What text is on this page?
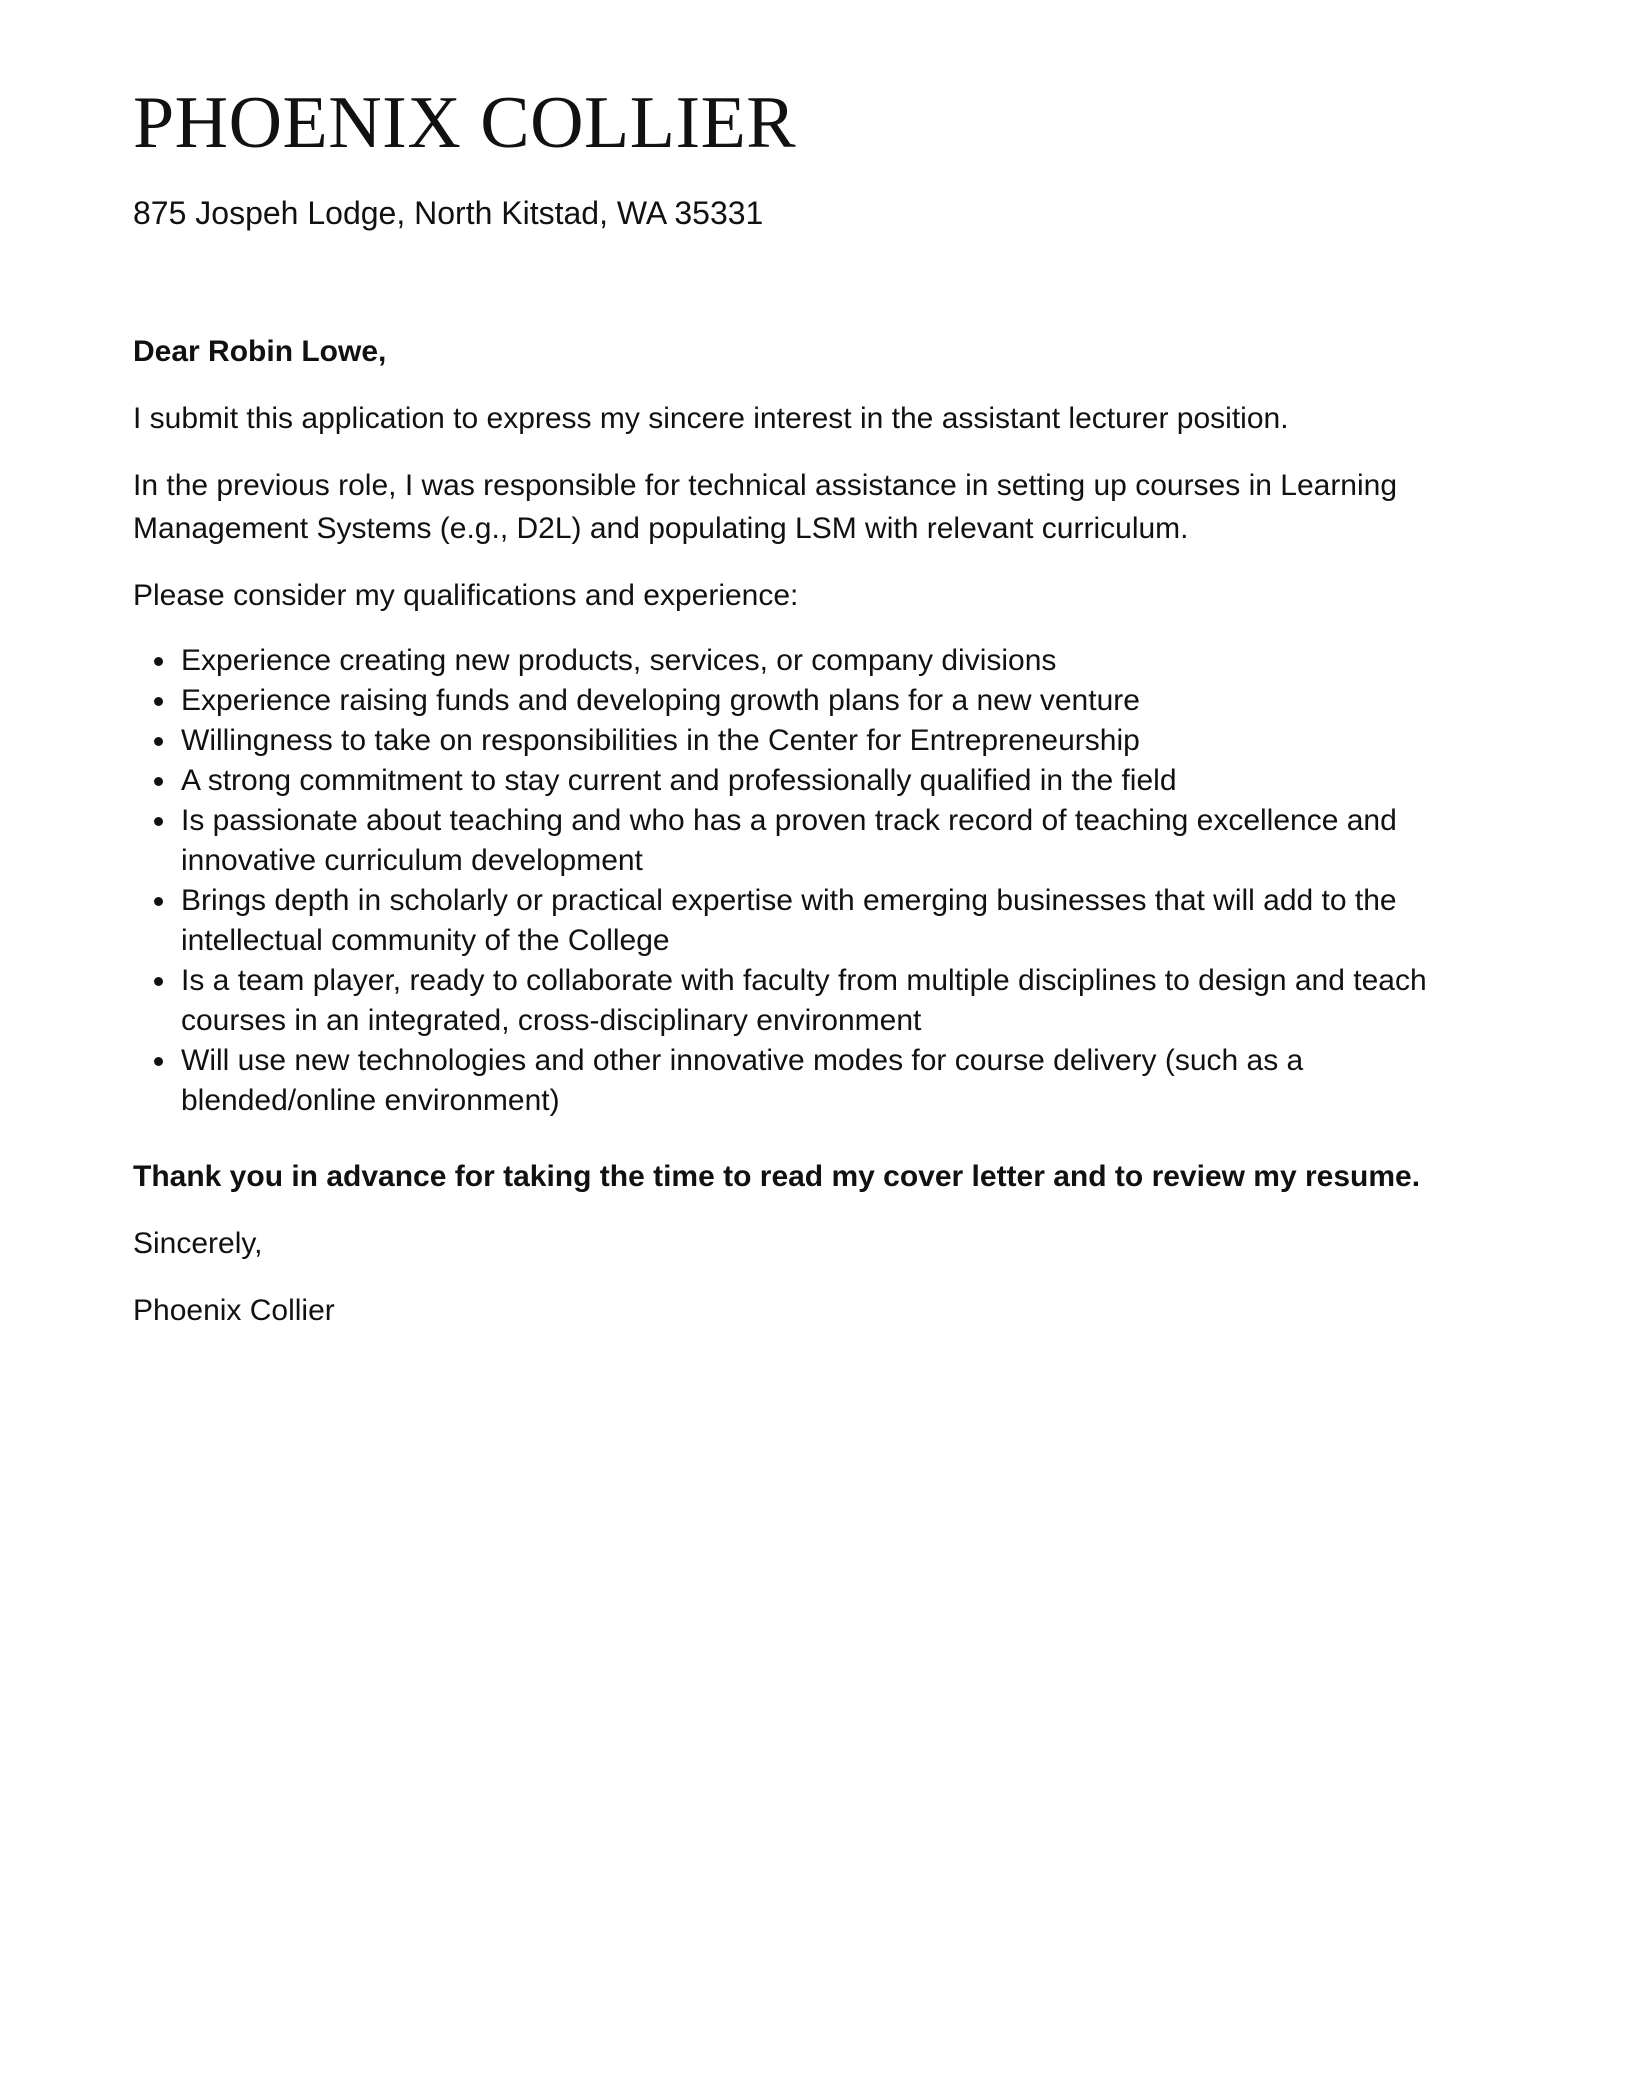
PHOENIX COLLIER
875 Jospeh Lodge, North Kitstad, WA 35331

Dear Robin Lowe,

I submit this application to express my sincere interest in the assistant lecturer position.

In the previous role, I was responsible for technical assistance in setting up courses in Learning Management Systems (e.g., D2L) and populating LSM with relevant curriculum.

Please consider my qualifications and experience:

Experience creating new products, services, or company divisions
Experience raising funds and developing growth plans for a new venture
Willingness to take on responsibilities in the Center for Entrepreneurship
A strong commitment to stay current and professionally qualified in the field
Is passionate about teaching and who has a proven track record of teaching excellence and innovative curriculum development
Brings depth in scholarly or practical expertise with emerging businesses that will add to the intellectual community of the College
Is a team player, ready to collaborate with faculty from multiple disciplines to design and teach courses in an integrated, cross-disciplinary environment
Will use new technologies and other innovative modes for course delivery (such as a blended/online environment)

Thank you in advance for taking the time to read my cover letter and to review my resume.

Sincerely,

Phoenix Collier
